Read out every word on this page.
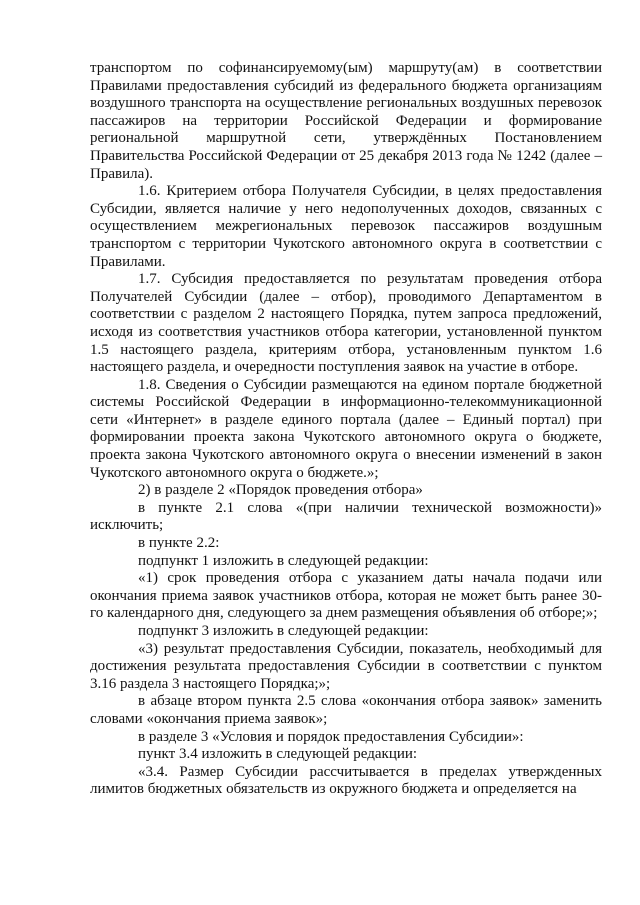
транспортом по софинансируемому(ым) маршруту(ам) в соответствии Правилами предоставления субсидий из федерального бюджета организациям воздушного транспорта на осуществление региональных воздушных перевозок пассажиров на территории Российской Федерации и формирование региональной маршрутной сети, утверждённых Постановлением Правительства Российской Федерации от 25 декабря 2013 года № 1242 (далее – Правила).

1.6. Критерием отбора Получателя Субсидии, в целях предоставления Субсидии, является наличие у него недополученных доходов, связанных с осуществлением межрегиональных перевозок пассажиров воздушным транспортом с территории Чукотского автономного округа в соответствии с Правилами.

1.7. Субсидия предоставляется по результатам проведения отбора Получателей Субсидии (далее – отбор), проводимого Департаментом в соответствии с разделом 2 настоящего Порядка, путем запроса предложений, исходя из соответствия участников отбора категории, установленной пунктом 1.5 настоящего раздела, критериям отбора, установленным пунктом 1.6 настоящего раздела, и очередности поступления заявок на участие в отборе.

1.8. Сведения о Субсидии размещаются на едином портале бюджетной системы Российской Федерации в информационно-телекоммуникационной сети «Интернет» в разделе единого портала (далее – Единый портал) при формировании проекта закона Чукотского автономного округа о бюджете, проекта закона Чукотского автономного округа о внесении изменений в закон Чукотского автономного округа о бюджете.»;

2) в разделе 2 «Порядок проведения отбора»

в пункте 2.1 слова «(при наличии технической возможности)» исключить;

в пункте 2.2:

подпункт 1 изложить в следующей редакции:

«1) срок проведения отбора с указанием даты начала подачи или окончания приема заявок участников отбора, которая не может быть ранее 30-го календарного дня, следующего за днем размещения объявления об отборе;»;

подпункт 3 изложить в следующей редакции:

«3) результат предоставления Субсидии, показатель, необходимый для достижения результата предоставления Субсидии в соответствии с пунктом 3.16 раздела 3 настоящего Порядка;»;

в абзаце втором пункта 2.5 слова «окончания отбора заявок» заменить словами «окончания приема заявок»;

в разделе 3 «Условия и порядок предоставления Субсидии»:

пункт 3.4 изложить в следующей редакции:

«3.4. Размер Субсидии рассчитывается в пределах утвержденных лимитов бюджетных обязательств из окружного бюджета и определяется на
